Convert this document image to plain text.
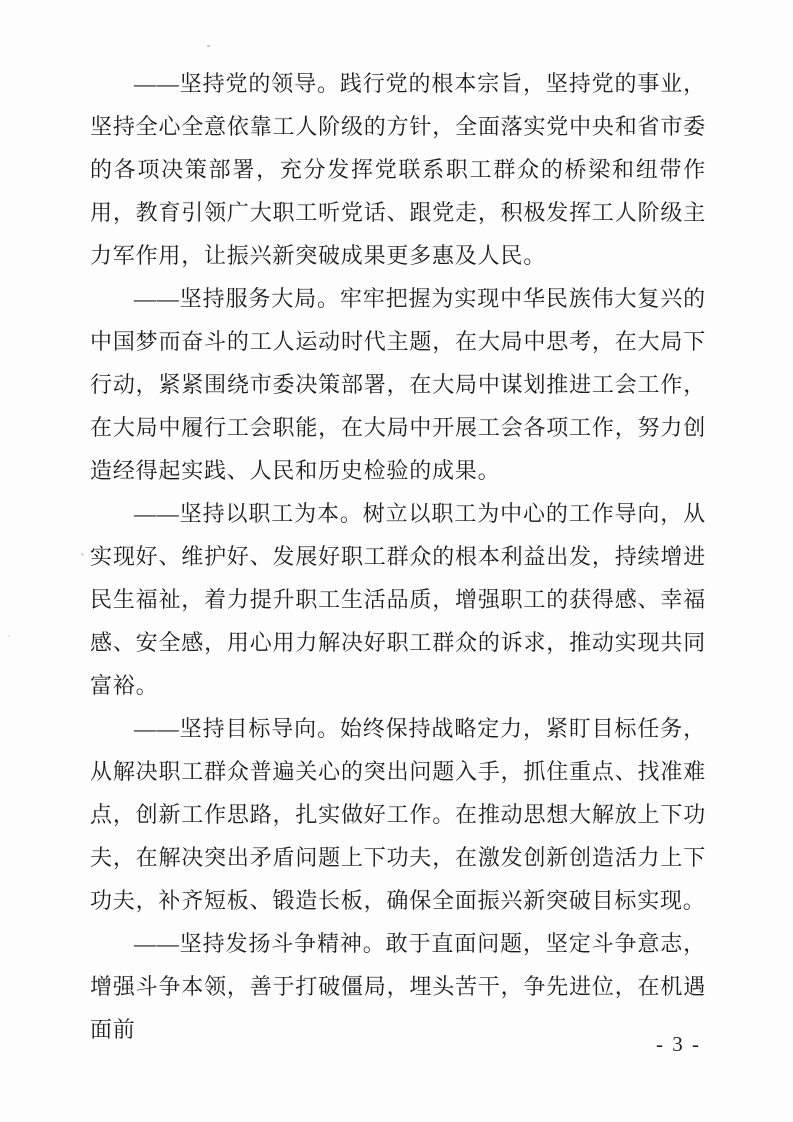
——坚持党的领导。践行党的根本宗旨，坚持党的事业，坚持全心全意依靠工人阶级的方针，全面落实党中央和省市委的各项决策部署，充分发挥党联系职工群众的桥梁和纽带作用，教育引领广大职工听党话、跟党走，积极发挥工人阶级主力军作用，让振兴新突破成果更多惠及人民。

——坚持服务大局。牢牢把握为实现中华民族伟大复兴的中国梦而奋斗的工人运动时代主题，在大局中思考，在大局下行动，紧紧围绕市委决策部署，在大局中谋划推进工会工作，在大局中履行工会职能，在大局中开展工会各项工作，努力创造经得起实践、人民和历史检验的成果。

——坚持以职工为本。树立以职工为中心的工作导向，从实现好、维护好、发展好职工群众的根本利益出发，持续增进民生福祉，着力提升职工生活品质，增强职工的获得感、幸福感、安全感，用心用力解决好职工群众的诉求，推动实现共同富裕。

——坚持目标导向。始终保持战略定力，紧盯目标任务，从解决职工群众普遍关心的突出问题入手，抓住重点、找准难点，创新工作思路，扎实做好工作。在推动思想大解放上下功夫，在解决突出矛盾问题上下功夫，在激发创新创造活力上下功夫，补齐短板、锻造长板，确保全面振兴新突破目标实现。

——坚持发扬斗争精神。敢于直面问题，坚定斗争意志，增强斗争本领，善于打破僵局，埋头苦干，争先进位，在机遇面前

- 3 -
